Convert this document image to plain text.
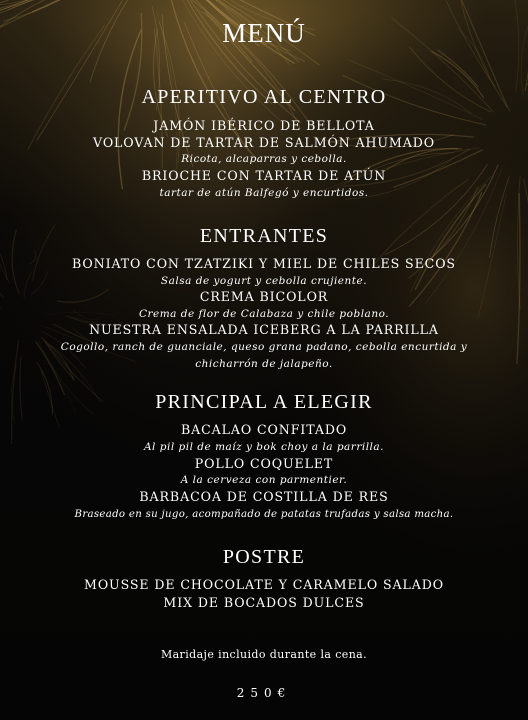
MENÚ
APERITIVO AL CENTRO
JAMÓN IBÉRICO DE BELLOTA
VOLOVAN DE TARTAR DE SALMÓN AHUMADO
Ricota, alcaparras y cebolla.
BRIOCHE CON TARTAR DE ATÚN
tartar de atún Balfegó y encurtidos.
ENTRANTES
BONIATO CON TZATZIKI Y MIEL DE CHILES SECOS
Salsa de yogurt y cebolla crujiente.
CREMA BICOLOR
Crema de flor de Calabaza y chile poblano.
NUESTRA ENSALADA ICEBERG A LA PARRILLA
Cogollo, ranch de guanciale, queso grana padano, cebolla encurtida y chicharrón de jalapeño.
PRINCIPAL A ELEGIR
BACALAO CONFITADO
Al pil pil de maíz y bok choy a la parrilla.
POLLO COQUELET
A la cerveza con parmentier.
BARBACOA DE COSTILLA DE RES
Braseado en su jugo, acompañado de patatas trufadas y salsa macha.
POSTRE
MOUSSE DE CHOCOLATE Y CARAMELO SALADO
MIX DE BOCADOS DULCES
Maridaje incluido durante la cena.
250€
